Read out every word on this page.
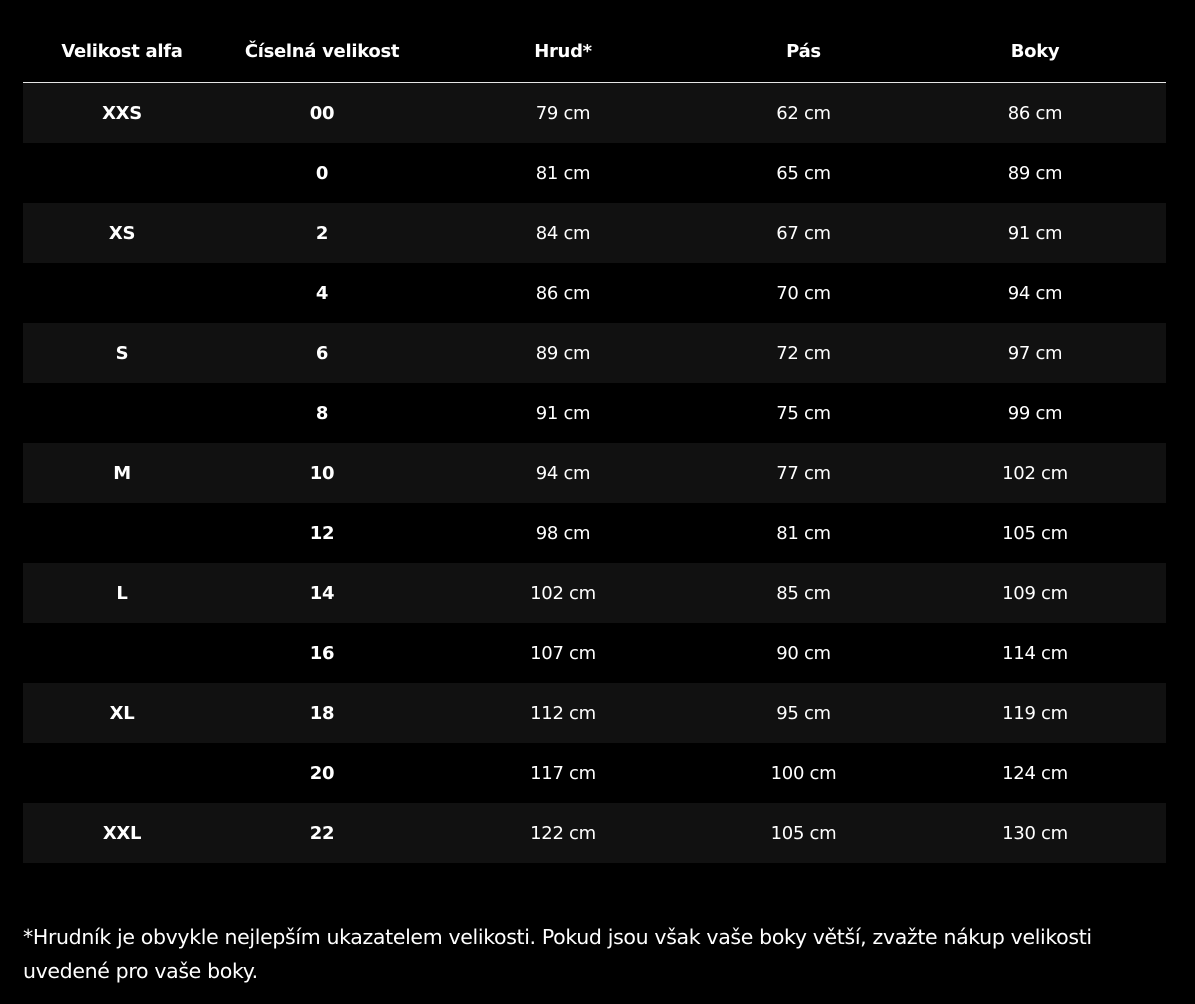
Velikost alfa	Číselná velikost	Hrud*	Pás	Boky
XXS	00	79 cm	62 cm	86 cm
	0	81 cm	65 cm	89 cm
XS	2	84 cm	67 cm	91 cm
	4	86 cm	70 cm	94 cm
S	6	89 cm	72 cm	97 cm
	8	91 cm	75 cm	99 cm
M	10	94 cm	77 cm	102 cm
	12	98 cm	81 cm	105 cm
L	14	102 cm	85 cm	109 cm
	16	107 cm	90 cm	114 cm
XL	18	112 cm	95 cm	119 cm
	20	117 cm	100 cm	124 cm
XXL	22	122 cm	105 cm	130 cm

*Hrudník je obvykle nejlepším ukazatelem velikosti. Pokud jsou však vaše boky větší, zvažte nákup velikosti uvedené pro vaše boky.
